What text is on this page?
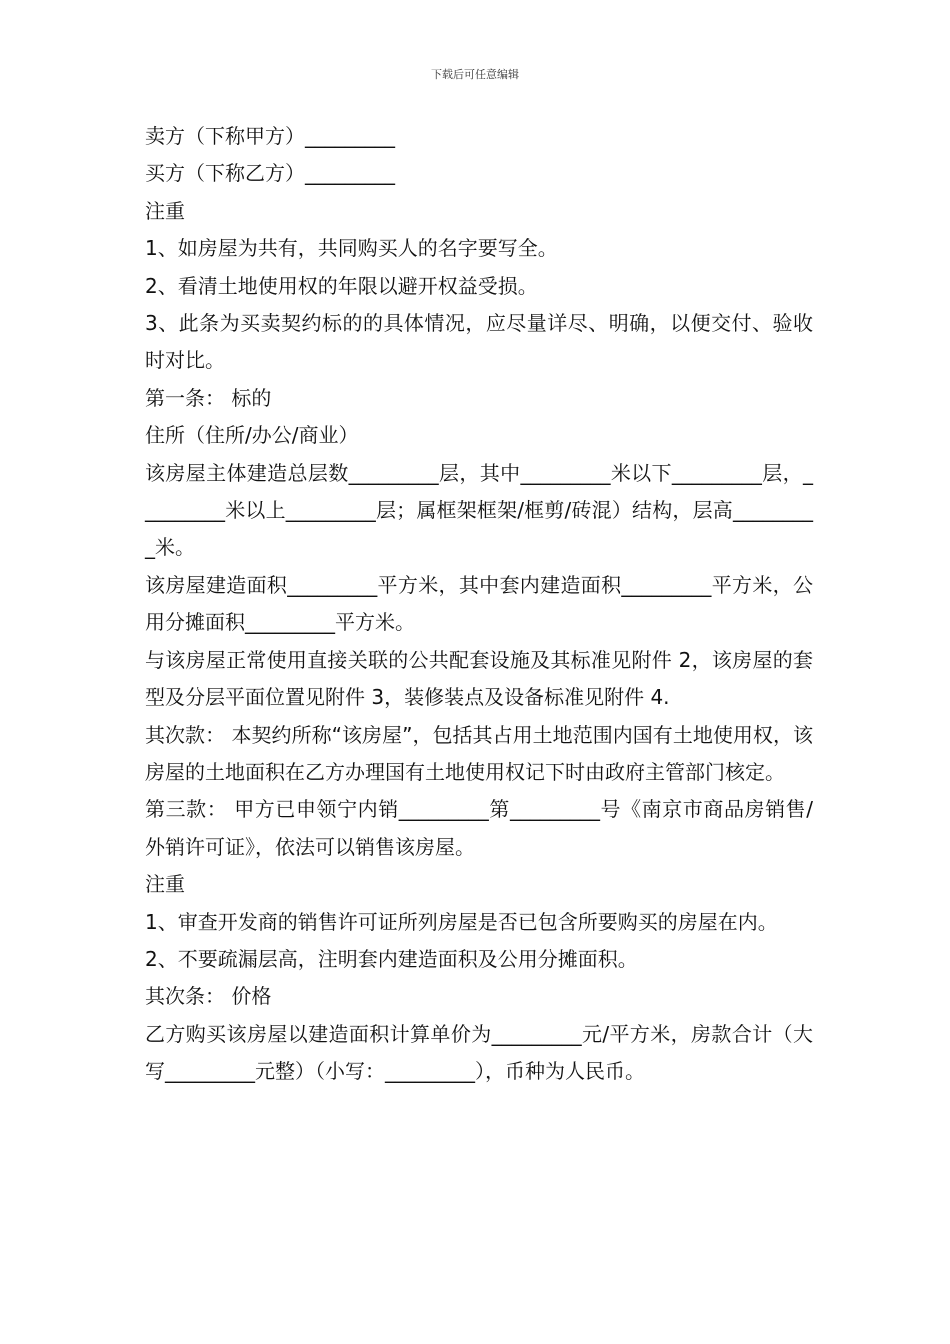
下载后可任意编辑

卖方（下称甲方）_________

买方（下称乙方）_________

注重

1、如房屋为共有，共同购买人的名字要写全。

2、看清土地使用权的年限以避开权益受损。

3、此条为买卖契约标的的具体情况，应尽量详尽、明确，以便交付、验收时对比。

第一条： 标的

住所（住所/办公/商业）

该房屋主体建造总层数_________层，其中_________米以下_________层，_________米以上_________层；属框架框架/框剪/砖混）结构，层高_________米。

该房屋建造面积_________平方米，其中套内建造面积_________平方米，公用分摊面积_________平方米。

与该房屋正常使用直接关联的公共配套设施及其标准见附件 2，该房屋的套型及分层平面位置见附件 3，装修装点及设备标准见附件 4.

其次款： 本契约所称“该房屋”，包括其占用土地范围内国有土地使用权，该房屋的土地面积在乙方办理国有土地使用权记下时由政府主管部门核定。

第三款： 甲方已申领宁内销_________第_________号《南京市商品房销售/外销许可证》，依法可以销售该房屋。

注重

1、审查开发商的销售许可证所列房屋是否已包含所要购买的房屋在内。

2、不要疏漏层高，注明套内建造面积及公用分摊面积。

其次条： 价格

乙方购买该房屋以建造面积计算单价为_________元/平方米，房款合计（大写_________元整）（小写：_________），币种为人民币。
